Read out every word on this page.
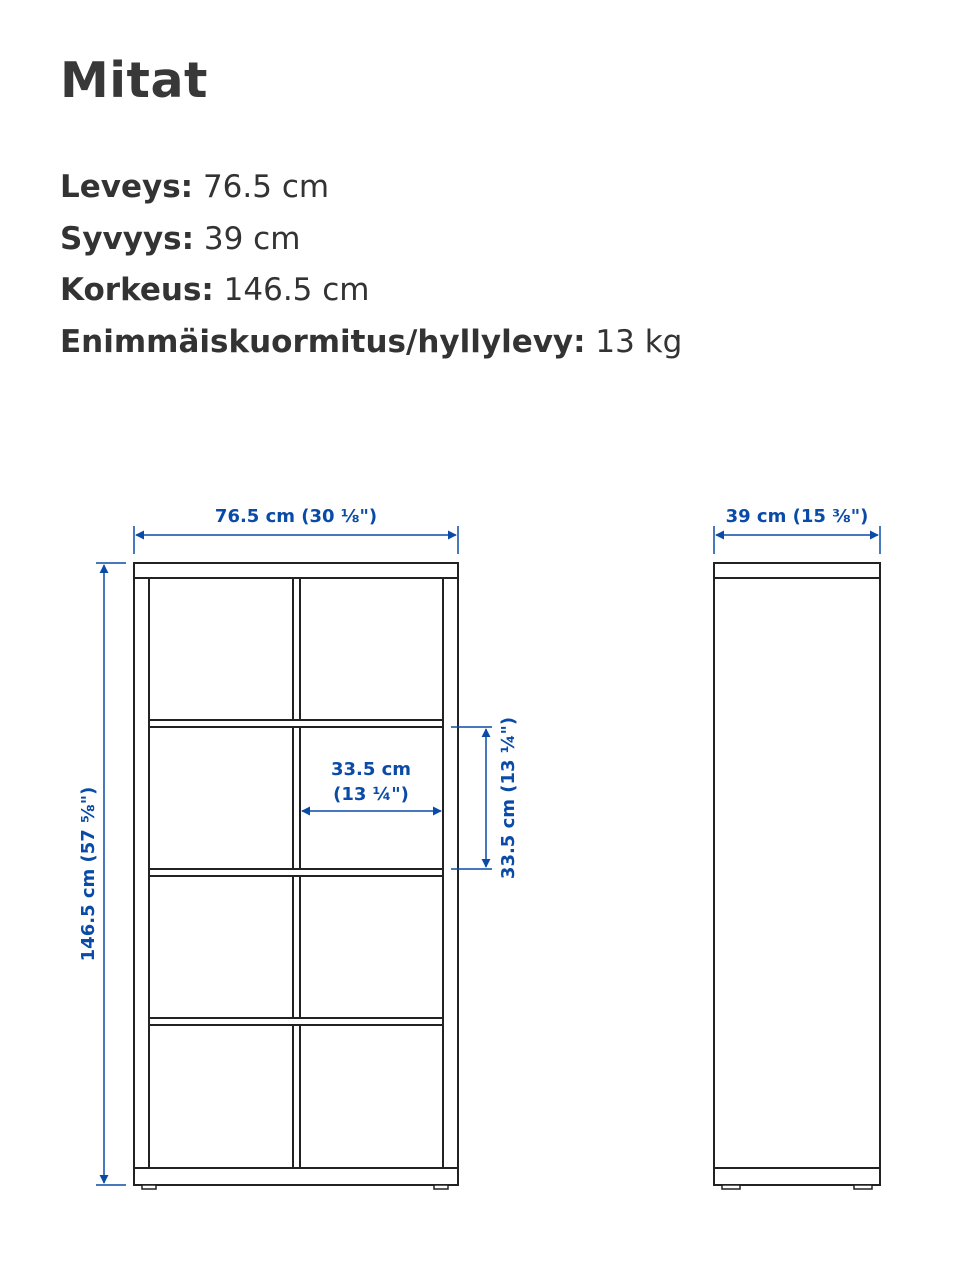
Mitat
Leveys: 76.5 cm
Syvyys: 39 cm
Korkeus: 146.5 cm
Enimmäiskuormitus/hyllylevy: 13 kg
76.5 cm (30 ⅛")
146.5 cm (57 ⅝")
33.5 cm
(13 ¼")	33.5 cm (13 ¼")
39 cm (15 ⅜")
